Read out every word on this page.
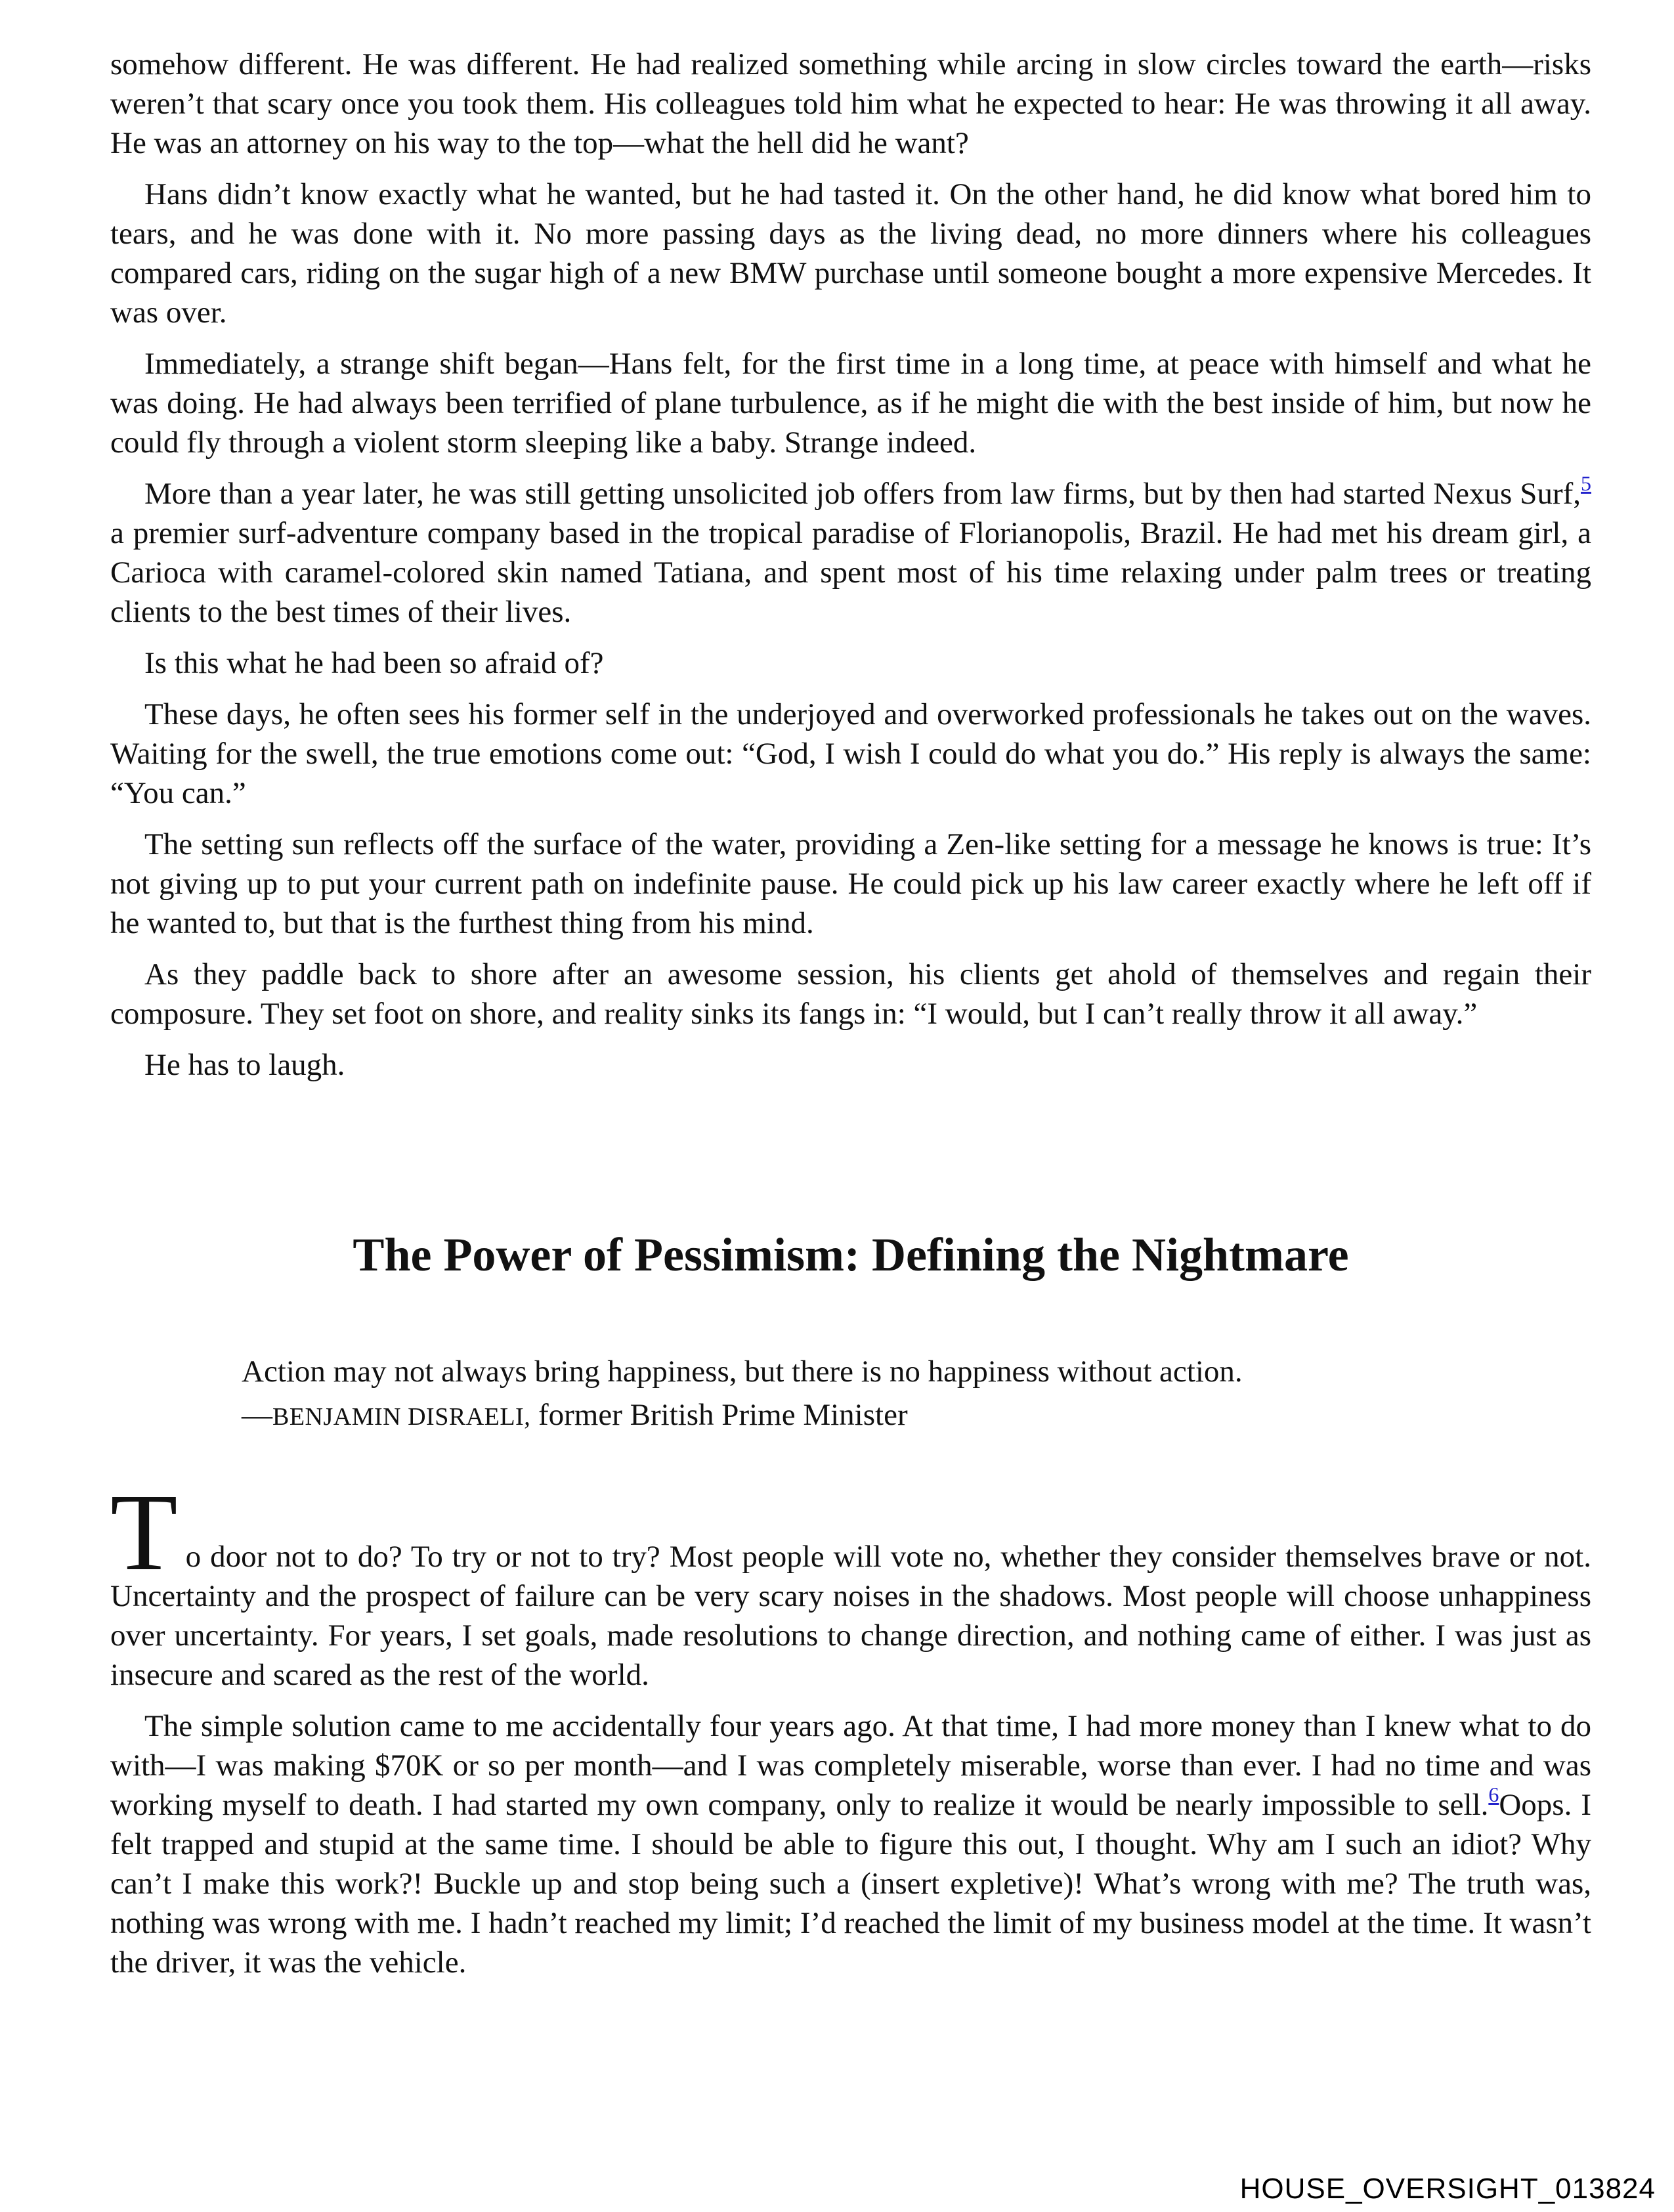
somehow different. He was different. He had realized something while arcing in slow circles toward the earth—risks weren’t that scary once you took them. His colleagues told him what he expected to hear: He was throwing it all away. He was an attorney on his way to the top—what the hell did he want?

Hans didn’t know exactly what he wanted, but he had tasted it. On the other hand, he did know what bored him to tears, and he was done with it. No more passing days as the living dead, no more dinners where his colleagues compared cars, riding on the sugar high of a new BMW purchase until someone bought a more expensive Mercedes. It was over.

Immediately, a strange shift began—Hans felt, for the first time in a long time, at peace with himself and what he was doing. He had always been terrified of plane turbulence, as if he might die with the best inside of him, but now he could fly through a violent storm sleeping like a baby. Strange indeed.

More than a year later, he was still getting unsolicited job offers from law firms, but by then had started Nexus Surf,$^5$ a premier surf-adventure company based in the tropical paradise of Florianopolis, Brazil. He had met his dream girl, a Carioca with caramel-colored skin named Tatiana, and spent most of his time relaxing under palm trees or treating clients to the best times of their lives.

Is this what he had been so afraid of?

These days, he often sees his former self in the underjoyed and overworked professionals he takes out on the waves. Waiting for the swell, the true emotions come out: “God, I wish I could do what you do.” His reply is always the same: “You can.”

The setting sun reflects off the surface of the water, providing a Zen-like setting for a message he knows is true: It’s not giving up to put your current path on indefinite pause. He could pick up his law career exactly where he left off if he wanted to, but that is the furthest thing from his mind.

As they paddle back to shore after an awesome session, his clients get ahold of themselves and regain their composure. They set foot on shore, and reality sinks its fangs in: “I would, but I can’t really throw it all away.”

He has to laugh.

The Power of Pessimism: Defining the Nightmare

Action may not always bring happiness, but there is no happiness without action.

—BENJAMIN DISRAELI, former British Prime Minister

To door not to do? To try or not to try? Most people will vote no, whether they consider themselves brave or not. Uncertainty and the prospect of failure can be very scary noises in the shadows. Most people will choose unhappiness over uncertainty. For years, I set goals, made resolutions to change direction, and nothing came of either. I was just as insecure and scared as the rest of the world.

The simple solution came to me accidentally four years ago. At that time, I had more money than I knew what to do with—I was making $70K or so per month—and I was completely miserable, worse than ever. I had no time and was working myself to death. I had started my own company, only to realize it would be nearly impossible to sell.$^6$Oops. I felt trapped and stupid at the same time. I should be able to figure this out, I thought. Why am I such an idiot? Why can’t I make this work?! Buckle up and stop being such a (insert expletive)! What’s wrong with me? The truth was, nothing was wrong with me. I hadn’t reached my limit; I’d reached the limit of my business model at the time. It wasn’t the driver, it was the vehicle.

HOUSE_OVERSIGHT_013824
